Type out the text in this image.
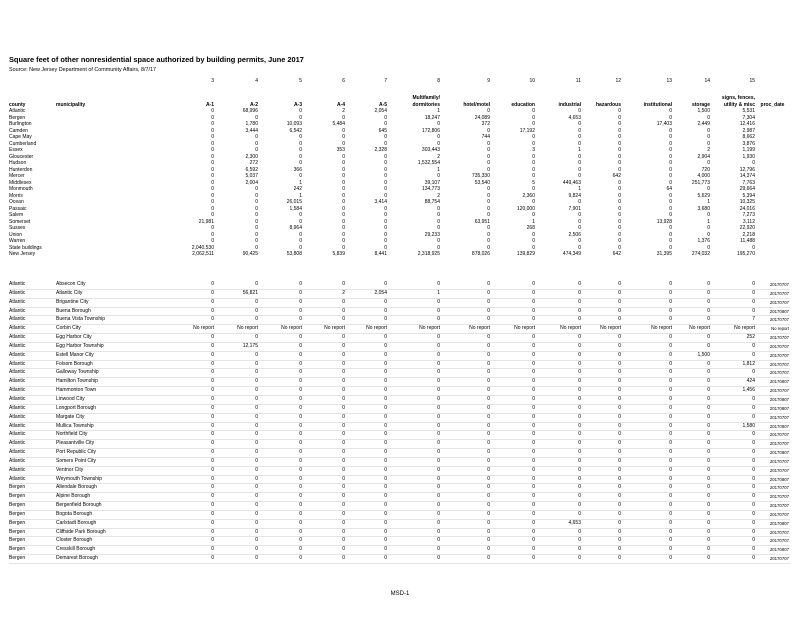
Square feet of other nonresidential space authorized by building permits, June 2017
Source: New Jersey Department of Community Affairs, 8/7/17
		3	4	5	6	7	8	9	10	11	12	13	14	15	
county	municipality	A-1	A-2	A-3	A-4	A-5	Multifamily/ dormitories	hotel/motel	education	industrial	hazardous	institutional	storage	signs, fences, utility & misc	proc_date
Atlantic		0	68,996	0	2	2,054	1	0	0	0	0	0	1,500	5,531	
Bergen		0	0	0	0	0	18,247	24,089	0	4,653	0	0	0	7,304	
Burlington		0	1,780	10,093	5,484	0	0	372	0	0	0	17,403	2,449	12,416	
Camden		0	3,444	6,542	0	645	172,806	0	17,192	0	0	0	0	2,987	
Cape May		0	0	0	0	0	0	744	0	0	0	0	0	8,662	
Cumberland		0	0	0	0	0	0	0	0	0	0	0	0	3,876	
Essex		0	0	0	353	2,328	303,443	0	3	1	0	0	2	1,199	
Gloucester		0	2,300	0	0	0	2	0	0	0	0	0	2,904	1,930	
Hudson		0	272	0	0	0	1,532,554	0	0	0	0	0	0	0	
Hunterdon		0	6,592	366	0	0	1	0	0	0	0	0	720	12,796	
Mercer		0	5,037	0	0	0	0	735,330	0	0	642	0	4,000	14,374	
Middlesex		0	2,004	1	0	0	39,107	53,540	5	449,463	0	0	251,773	7,763	
Monmouth		0	0	242	0	0	134,773	0	0	1	0	64	0	29,664	
Morris		0	0	1	0	0	2	0	2,360	9,824	0	0	5,629	5,394	
Ocean		0	0	26,015	0	3,414	88,754	0	0	0	0	0	1	10,325	
Passaic		0	0	1,584	0	0	0	0	120,000	7,901	0	0	3,680	24,016	
Salem		0	0	0	0	0	0	0	0	0	0	0	0	7,273	
Somerset		21,981	0	0	0	0	0	63,951	1	0	0	13,928	1	3,112	
Sussex		0	0	8,964	0	0	0	0	268	0	0	0	0	22,920	
Union		0	0	0	0	0	29,233	0	0	2,506	0	0	0	2,218	
Warren		0	0	0	0	0	0	0	0	0	0	0	1,376	11,488	
State buildings		2,040,530	0	0	0	0	0	0	0	0	0	0	0	0	
New Jersey		2,062,511	90,425	53,808	5,839	8,441	2,318,925	878,026	139,829	474,349	642	31,395	274,032	195,270	
Atlantic	Absecon City	0	0	0	0	0	0	0	0	0	0	0	0	0	20170707
Atlantic	Atlantic City	0	56,821	0	2	2,054	1	0	0	0	0	0	0	0	20170707
Atlantic	Brigantine City	0	0	0	0	0	0	0	0	0	0	0	0	0	20170707
Atlantic	Buena Borough	0	0	0	0	0	0	0	0	0	0	0	0	0	20170807
Atlantic	Buena Vista Township	0	0	0	0	0	0	0	0	0	0	0	0	7	20170707
Atlantic	Corbin City	No report	No report	No report	No report	No report	No report	No report	No report	No report	No report	No report	No report	No report	No report
Atlantic	Egg Harbor City	0	0	0	0	0	0	0	0	0	0	0	0	252	20170707
Atlantic	Egg Harbor Township	0	12,175	0	0	0	0	0	0	0	0	0	0	0	20170707
Atlantic	Estell Manor City	0	0	0	0	0	0	0	0	0	0	0	1,500	0	20170707
Atlantic	Folsom Borough	0	0	0	0	0	0	0	0	0	0	0	0	1,812	20170707
Atlantic	Galloway Township	0	0	0	0	0	0	0	0	0	0	0	0	0	20170707
Atlantic	Hamilton Township	0	0	0	0	0	0	0	0	0	0	0	0	424	20170807
Atlantic	Hammonton Town	0	0	0	0	0	0	0	0	0	0	0	0	1,456	20170707
Atlantic	Linwood City	0	0	0	0	0	0	0	0	0	0	0	0	0	20170807
Atlantic	Longport Borough	0	0	0	0	0	0	0	0	0	0	0	0	0	20170807
Atlantic	Margate City	0	0	0	0	0	0	0	0	0	0	0	0	0	20170707
Atlantic	Mullica Township	0	0	0	0	0	0	0	0	0	0	0	0	1,580	20170807
Atlantic	Northfield City	0	0	0	0	0	0	0	0	0	0	0	0	0	20170707
Atlantic	Pleasantville City	0	0	0	0	0	0	0	0	0	0	0	0	0	20170707
Atlantic	Port Republic City	0	0	0	0	0	0	0	0	0	0	0	0	0	20170807
Atlantic	Somers Point City	0	0	0	0	0	0	0	0	0	0	0	0	0	20170707
Atlantic	Ventnor City	0	0	0	0	0	0	0	0	0	0	0	0	0	20170707
Atlantic	Weymouth Township	0	0	0	0	0	0	0	0	0	0	0	0	0	20170807
Bergen	Allendale Borough	0	0	0	0	0	0	0	0	0	0	0	0	0	20170707
Bergen	Alpine Borough	0	0	0	0	0	0	0	0	0	0	0	0	0	20170707
Bergen	Bergenfield Borough	0	0	0	0	0	0	0	0	0	0	0	0	0	20170707
Bergen	Bogota Borough	0	0	0	0	0	0	0	0	0	0	0	0	0	20170707
Bergen	Carlstadt Borough	0	0	0	0	0	0	0	0	4,653	0	0	0	0	20170807
Bergen	Cliffside Park Borough	0	0	0	0	0	0	0	0	0	0	0	0	0	20170707
Bergen	Closter Borough	0	0	0	0	0	0	0	0	0	0	0	0	0	20170707
Bergen	Cresskill Borough	0	0	0	0	0	0	0	0	0	0	0	0	0	20170807
Bergen	Demarest Borough	0	0	0	0	0	0	0	0	0	0	0	0	0	20170707
MSD-1
